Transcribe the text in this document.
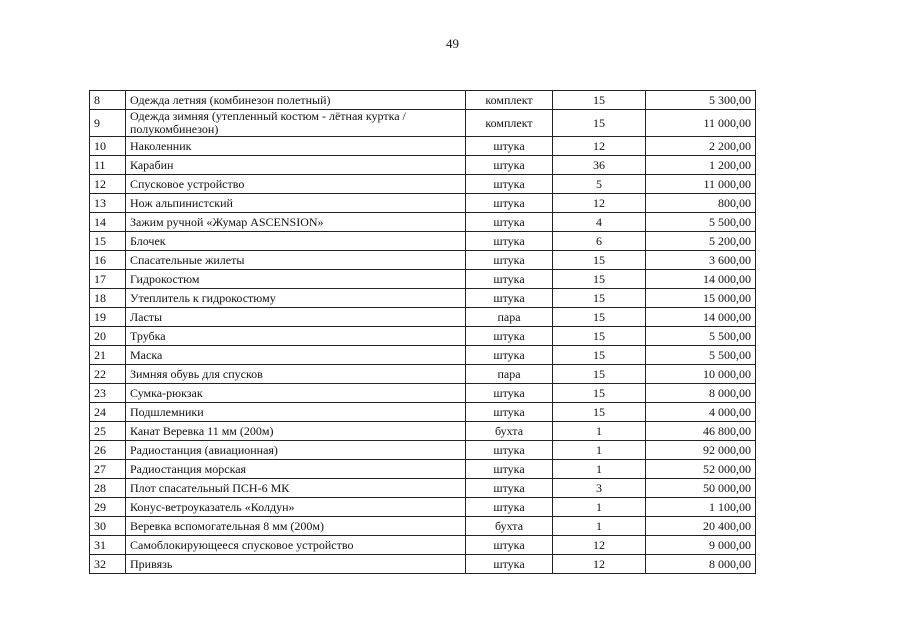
49
8	Одежда летняя (комбинезон полетный)	комплект	15	5 300,00
9	Одежда зимняя (утепленный костюм - лётная куртка / полукомбинезон)	комплект	15	11 000,00
10	Наколенник	штука	12	2 200,00
11	Карабин	штука	36	1 200,00
12	Спусковое устройство	штука	5	11 000,00
13	Нож альпинистский	штука	12	800,00
14	Зажим ручной «Жумар ASCENSION»	штука	4	5 500,00
15	Блочек	штука	6	5 200,00
16	Спасательные жилеты	штука	15	3 600,00
17	Гидрокостюм	штука	15	14 000,00
18	Утеплитель к гидрокостюму	штука	15	15 000,00
19	Ласты	пара	15	14 000,00
20	Трубка	штука	15	5 500,00
21	Маска	штука	15	5 500,00
22	Зимняя обувь для спусков	пара	15	10 000,00
23	Сумка-рюкзак	штука	15	8 000,00
24	Подшлемники	штука	15	4 000,00
25	Канат Веревка 11 мм (200м)	бухта	1	46 800,00
26	Радиостанция (авиационная)	штука	1	92 000,00
27	Радиостанция морская	штука	1	52 000,00
28	Плот спасательный ПСН-6 МК	штука	3	50 000,00
29	Конус-ветроуказатель «Колдун»	штука	1	1 100,00
30	Веревка вспомогательная 8 мм (200м)	бухта	1	20 400,00
31	Самоблокирующееся спусковое устройство	штука	12	9 000,00
32	Привязь	штука	12	8 000,00
